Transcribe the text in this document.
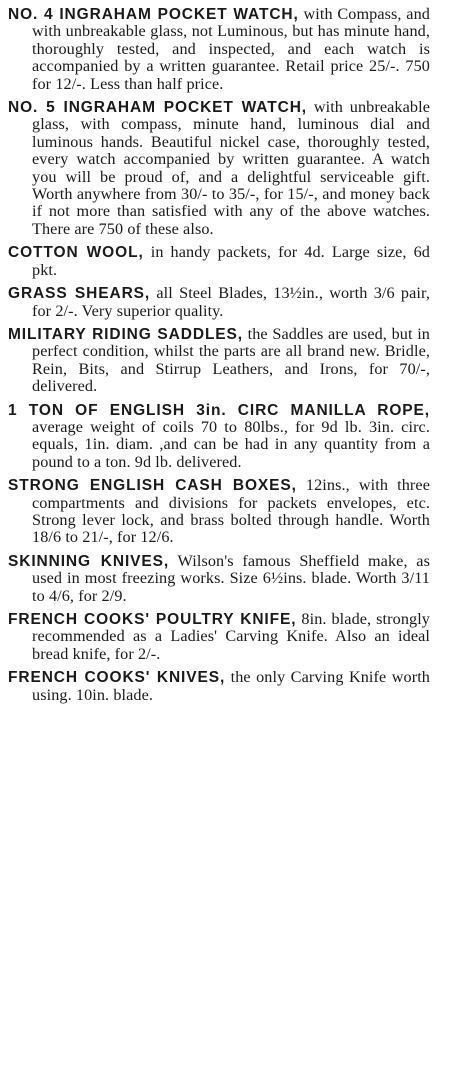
NO. 4 INGRAHAM POCKET WATCH, with Compass, and with unbreakable glass, not Luminous, but has minute hand, thoroughly tested, and inspected, and each watch is accompanied by a written guarantee. Retail price 25/-. 750 for 12/-. Less than half price.

NO. 5 INGRAHAM POCKET WATCH, with unbreakable glass, with compass, minute hand, luminous dial and luminous hands. Beautiful nickel case, thoroughly tested, every watch accompanied by written guarantee. A watch you will be proud of, and a delightful serviceable gift. Worth anywhere from 30/- to 35/-, for 15/-, and money back if not more than satisfied with any of the above watches. There are 750 of these also.

COTTON WOOL, in handy packets, for 4d. Large size, 6d pkt.

GRASS SHEARS, all Steel Blades, 13½in., worth 3/6 pair, for 2/-. Very superior quality.

MILITARY RIDING SADDLES, the Saddles are used, but in perfect condition, whilst the parts are all brand new. Bridle, Rein, Bits, and Stirrup Leathers, and Irons, for 70/-, delivered.

1 TON OF ENGLISH 3in. CIRC MANILLA ROPE, average weight of coils 70 to 80lbs., for 9d lb. 3in. circ. equals, 1in. diam. ,and can be had in any quantity from a pound to a ton. 9d lb. delivered.

STRONG ENGLISH CASH BOXES, 12ins., with three compartments and divisions for packets envelopes, etc. Strong lever lock, and brass bolted through handle. Worth 18/6 to 21/-, for 12/6.

SKINNING KNIVES, Wilson's famous Sheffield make, as used in most freezing works. Size 6½ins. blade. Worth 3/11 to 4/6, for 2/9.

FRENCH COOKS' POULTRY KNIFE, 8in. blade, strongly recommended as a Ladies' Carving Knife. Also an ideal bread knife, for 2/-.

FRENCH COOKS' KNIVES, the only Carving Knife worth using. 10in. blade.
